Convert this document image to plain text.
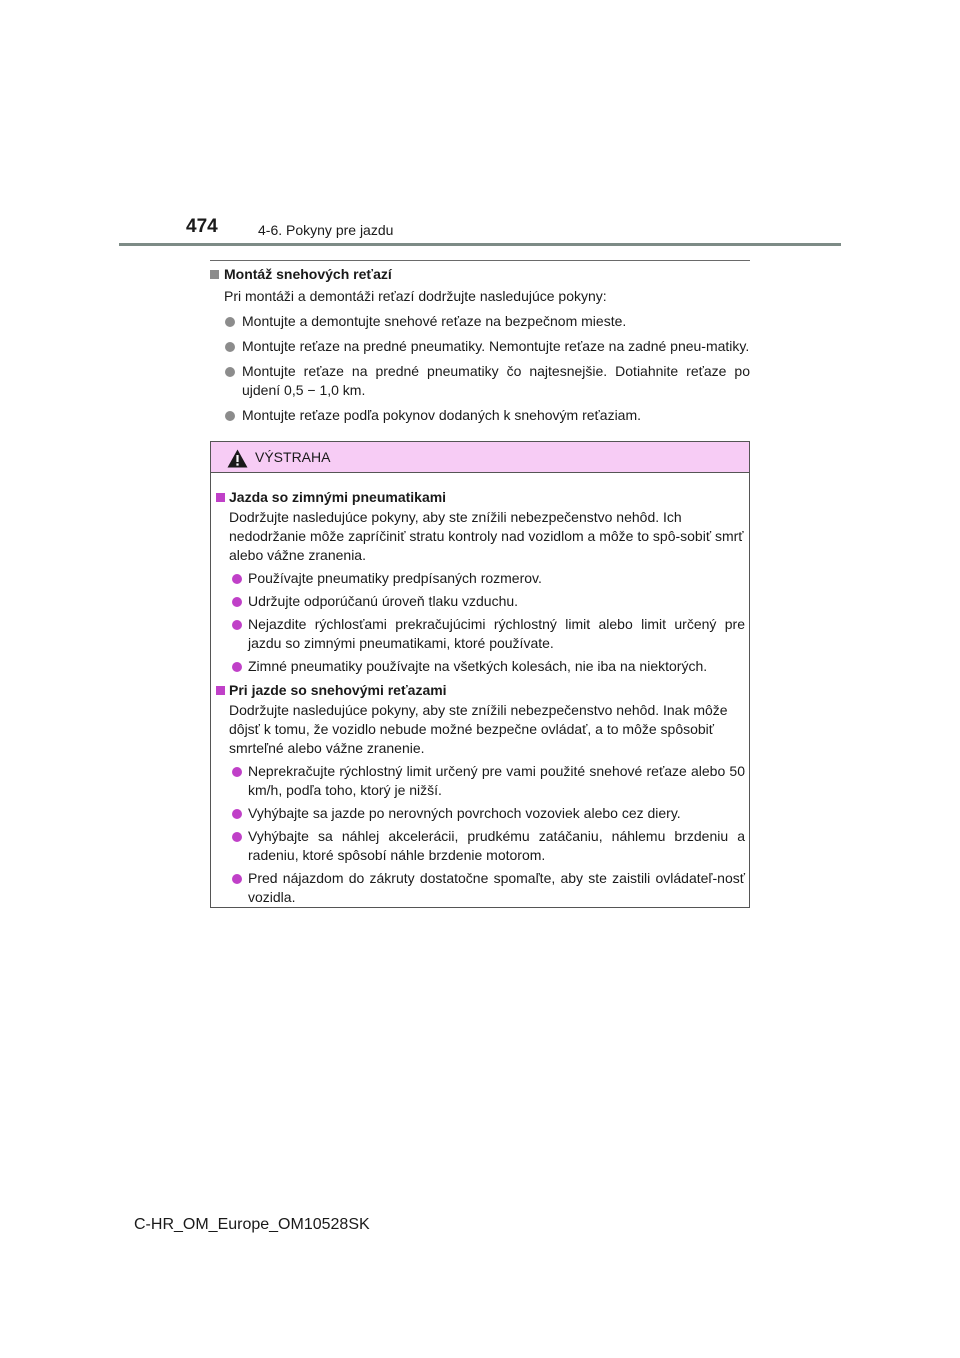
474	4-6. Pokyny pre jazdu
Montáž snehových reťazí
Pri montáži a demontáži reťazí dodržujte nasledujúce pokyny:
Montujte a demontujte snehové reťaze na bezpečnom mieste.
Montujte reťaze na predné pneumatiky. Nemontujte reťaze na zadné pneu-matiky.
Montujte reťaze na predné pneumatiky čo najtesnejšie. Dotiahnite reťaze po ujdení 0,5 − 1,0 km.
Montujte reťaze podľa pokynov dodaných k snehovým reťaziam.
VÝSTRAHA
Jazda so zimnými pneumatikami
Dodržujte nasledujúce pokyny, aby ste znížili nebezpečenstvo nehôd. Ich nedodržanie môže zapríčiniť stratu kontroly nad vozidlom a môže to spô-sobiť smrť alebo vážne zranenia.
Používajte pneumatiky predpísaných rozmerov.
Udržujte odporúčanú úroveň tlaku vzduchu.
Nejazdite rýchlosťami prekračujúcimi rýchlostný limit alebo limit určený pre jazdu so zimnými pneumatikami, ktoré používate.
Zimné pneumatiky používajte na všetkých kolesách, nie iba na niektorých.
Pri jazde so snehovými reťazami
Dodržujte nasledujúce pokyny, aby ste znížili nebezpečenstvo nehôd. Inak môže dôjsť k tomu, že vozidlo nebude možné bezpečne ovládať, a to môže spôsobiť smrteľné alebo vážne zranenie.
Neprekračujte rýchlostný limit určený pre vami použité snehové reťaze alebo 50 km/h, podľa toho, ktorý je nižší.
Vyhýbajte sa jazde po nerovných povrchoch vozoviek alebo cez diery.
Vyhýbajte sa náhlej akcelerácii, prudkému zatáčaniu, náhlemu brzdeniu a radeniu, ktoré spôsobí náhle brzdenie motorom.
Pred nájazdom do zákruty dostatočne spomaľte, aby ste zaistili ovládateľ-nosť vozidla.
C-HR_OM_Europe_OM10528SK
